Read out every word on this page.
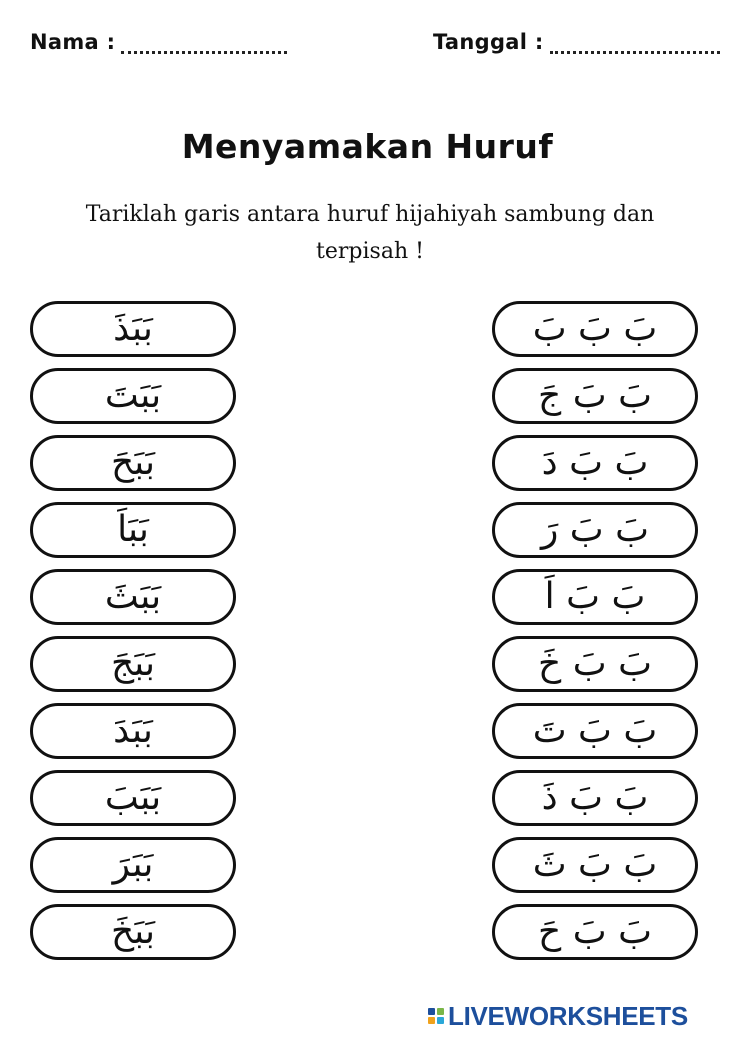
Nama :	Tanggal :
Menyamakan Huruf
Tariklah garis antara huruf hijahiyah sambung dan terpisah !
بَبَذَ
بَبَتَ
بَبَحَ
بَبَاَ
بَبَثَ
بَبَجَ
بَبَدَ
بَبَبَ
بَبَرَ
بَبَخَ
بَ بَ بَ
بَ بَ جَ
بَ بَ دَ
بَ بَ رَ
بَ بَ اَ
بَ بَ خَ
بَ بَ تَ
بَ بَ ذَ
بَ بَ ثَ
بَ بَ حَ
LIVEWORKSHEETS
